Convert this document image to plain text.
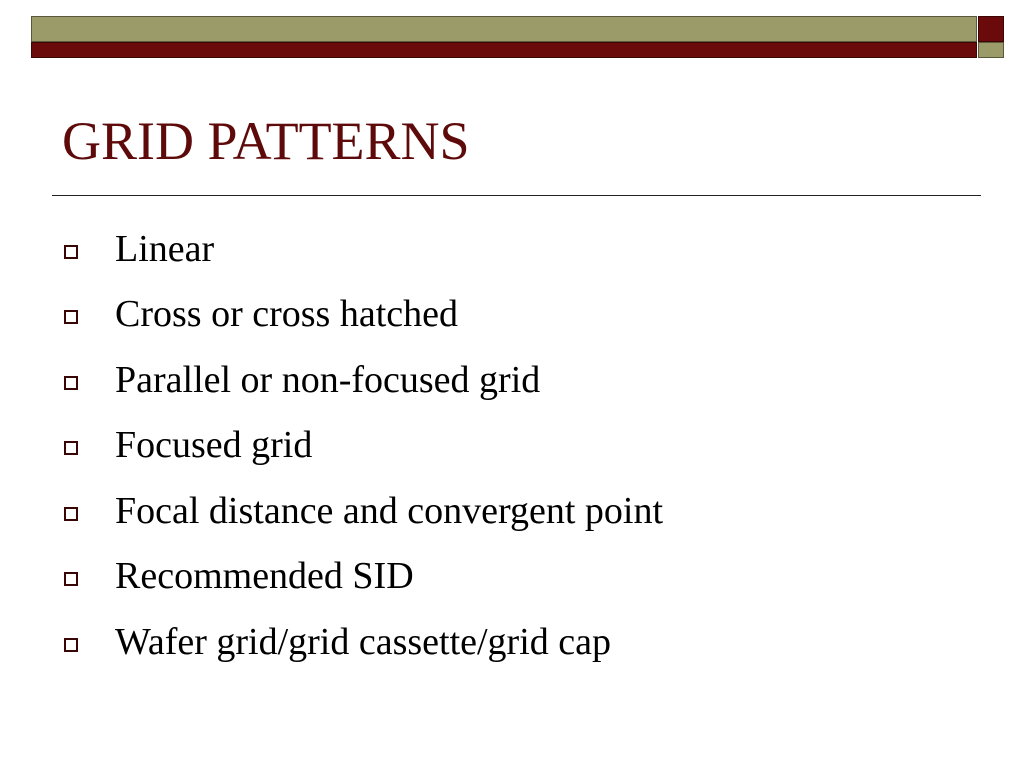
GRID PATTERNS
Linear
Cross or cross hatched
Parallel or non-focused grid
Focused grid
Focal distance and convergent point
Recommended SID
Wafer grid/grid cassette/grid cap
